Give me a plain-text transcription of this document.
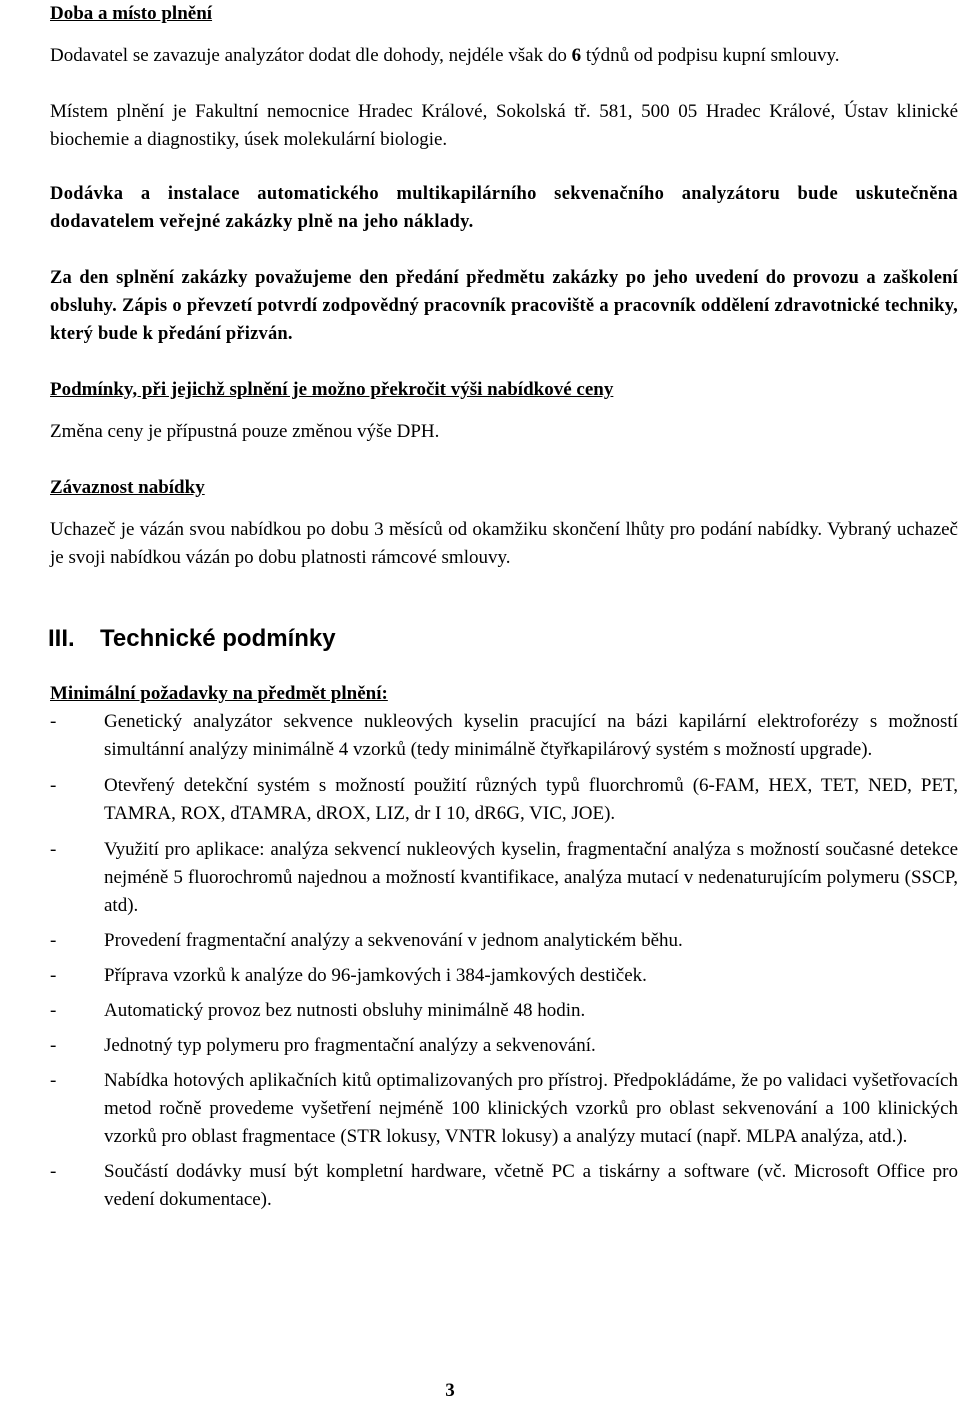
Doba a místo plnění
Dodavatel se zavazuje analyzátor dodat dle dohody, nejdéle však do 6 týdnů od podpisu kupní smlouvy.
Místem plnění je Fakultní nemocnice Hradec Králové, Sokolská tř. 581, 500 05 Hradec Králové, Ústav klinické biochemie a diagnostiky, úsek molekulární biologie.
Dodávka a instalace automatického multikapilárního sekvenačního analyzátoru bude uskutečněna dodavatelem veřejné zakázky plně na jeho náklady.
Za den splnění zakázky považujeme den předání předmětu zakázky po jeho uvedení do provozu a zaškolení obsluhy. Zápis o převzetí potvrdí zodpovědný pracovník pracoviště a pracovník oddělení zdravotnické techniky, který bude k předání přizván.
Podmínky, při jejichž splnění je možno překročit výši nabídkové ceny
Změna ceny je přípustná pouze změnou výše DPH.
Závaznost nabídky
Uchazeč je vázán svou nabídkou po dobu 3 měsíců od okamžiku skončení lhůty pro podání nabídky. Vybraný uchazeč je svoji nabídkou vázán po dobu platnosti rámcové smlouvy.
III. Technické podmínky
Minimální požadavky na předmět plnění:
-	Genetický analyzátor sekvence nukleových kyselin pracující na bázi kapilární elektroforézy s možností simultánní analýzy minimálně 4 vzorků (tedy minimálně čtyřkapilárový systém s možností upgrade).
-	Otevřený detekční systém s možností použití různých typů fluorchromů (6-FAM, HEX, TET, NED, PET, TAMRA, ROX, dTAMRA, dROX, LIZ, dr I 10, dR6G, VIC, JOE).
-	Využití pro aplikace: analýza sekvencí nukleových kyselin, fragmentační analýza s možností současné detekce nejméně 5 fluorochromů najednou a možností kvantifikace, analýza mutací v nedenaturujícím polymeru (SSCP, atd).
-	Provedení fragmentační analýzy a sekvenování v jednom analytickém běhu.
-	Příprava vzorků k analýze do 96-jamkových i 384-jamkových destiček.
-	Automatický provoz bez nutnosti obsluhy minimálně 48 hodin.
-	Jednotný typ polymeru pro fragmentační analýzy a sekvenování.
-	Nabídka hotových aplikačních kitů optimalizovaných pro přístroj. Předpokládáme, že po validaci vyšetřovacích metod ročně provedeme vyšetření nejméně 100 klinických vzorků pro oblast sekvenování a 100 klinických vzorků pro oblast fragmentace (STR lokusy, VNTR lokusy) a analýzy mutací (např. MLPA analýza, atd.).
-	Součástí dodávky musí být kompletní hardware, včetně PC a tiskárny a software (vč. Microsoft Office pro vedení dokumentace).
3
